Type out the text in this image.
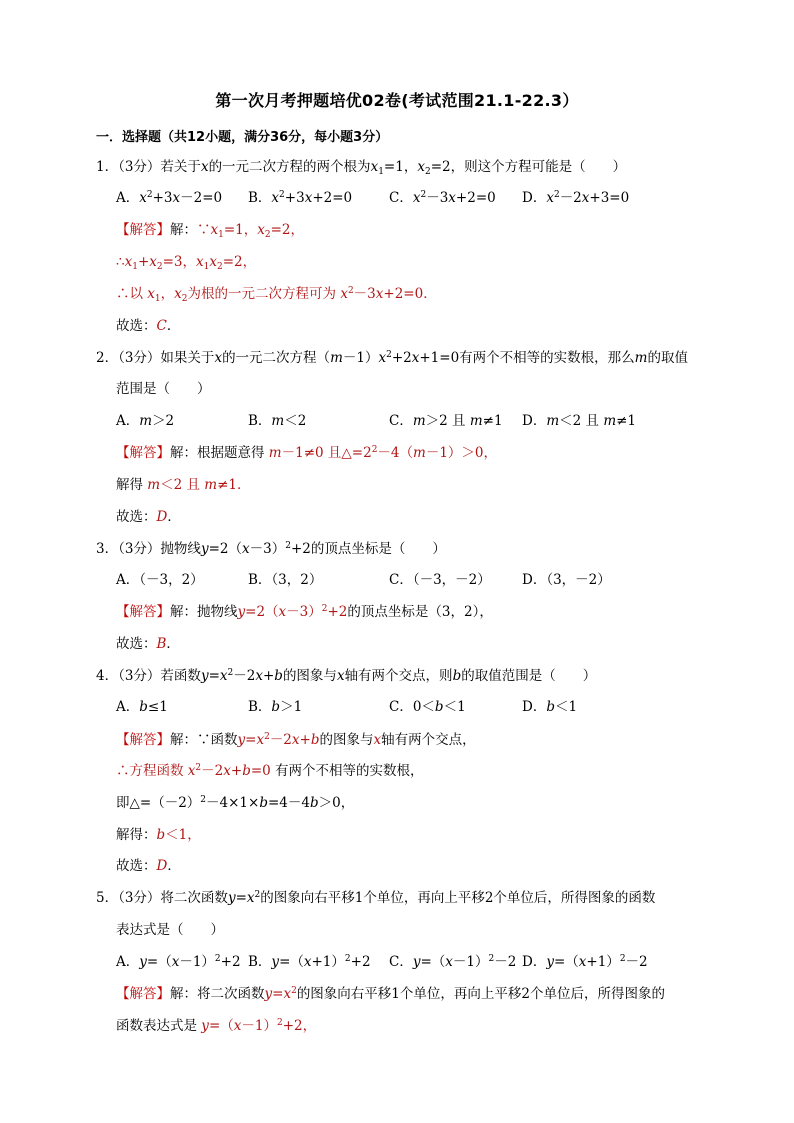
第一次月考押题培优02卷(考试范围21.1-22.3）
一．选择题（共12小题，满分36分，每小题3分）
1．（3分）若关于x的一元二次方程的两个根为$x_1=1$，$x_2=2$，则这个方程可能是（　　）
A．$x^2+3x-2=0$ B．$x^2+3x+2=0$	C．$x^2-3x+2=0$ D．$x^2-2x+3=0$
【解答】解：$\because x_1=1$，$x_2=2$，
$\therefore x_1+x_2=3$，$x_1x_2=2$，
∴以 $x_1$，$x_2$为根的一元二次方程可为 $x^2-3x+2=0$．
故选：C．
2．（3分）如果关于x的一元二次方程$(m-1)x^2+2x+1=0$有两个不相等的实数根，那么m的取值
范围是（　　）
A．m＞2	B．m＜2	C．m＞2 且 m≠1 D．m＜2 且 m≠1
【解答】解：根据题意得 m－1≠0 且$\triangle=2^2-4(m-1)>0$，
解得 m＜2 且 m≠1．
故选：D．
3．（3分）抛物线$y=2(x-3)^2+2$的顶点坐标是（　　）
A．（－3，2）	B．（3，2）	C．（－3，－2） D．（3，－2）
【解答】解：抛物线$y=2(x-3)^2+2$的顶点坐标是（3，2），
故选：B．
4．（3分）若函数$y=x^2-2x+b$的图象与x轴有两个交点，则b的取值范围是（　　）
A．b≤1	B．b＞1	C．0＜b＜1	D．b＜1
【解答】解：∵函数$y=x^2-2x+b$的图象与x轴有两个交点，
∴方程函数 $x^2-2x+b=0$ 有两个不相等的实数根，
即$\triangle=(-2)^2-4\times 1\times b=4-4b>0$，
解得：b＜1，
故选：D．
5．（3分）将二次函数$y=x^2$的图象向右平移1个单位，再向上平移2个单位后，所得图象的函数
表达式是（　　）
A．$y=(x-1)^2+2$ B．$y=(x+1)^2+2$ C．$y=(x-1)^2-2$ D．$y=(x+1)^2-2$
【解答】解：将二次函数$y=x^2$的图象向右平移1个单位，再向上平移2个单位后，所得图象的
函数表达式是 $y=(x-1)^2+2$，
